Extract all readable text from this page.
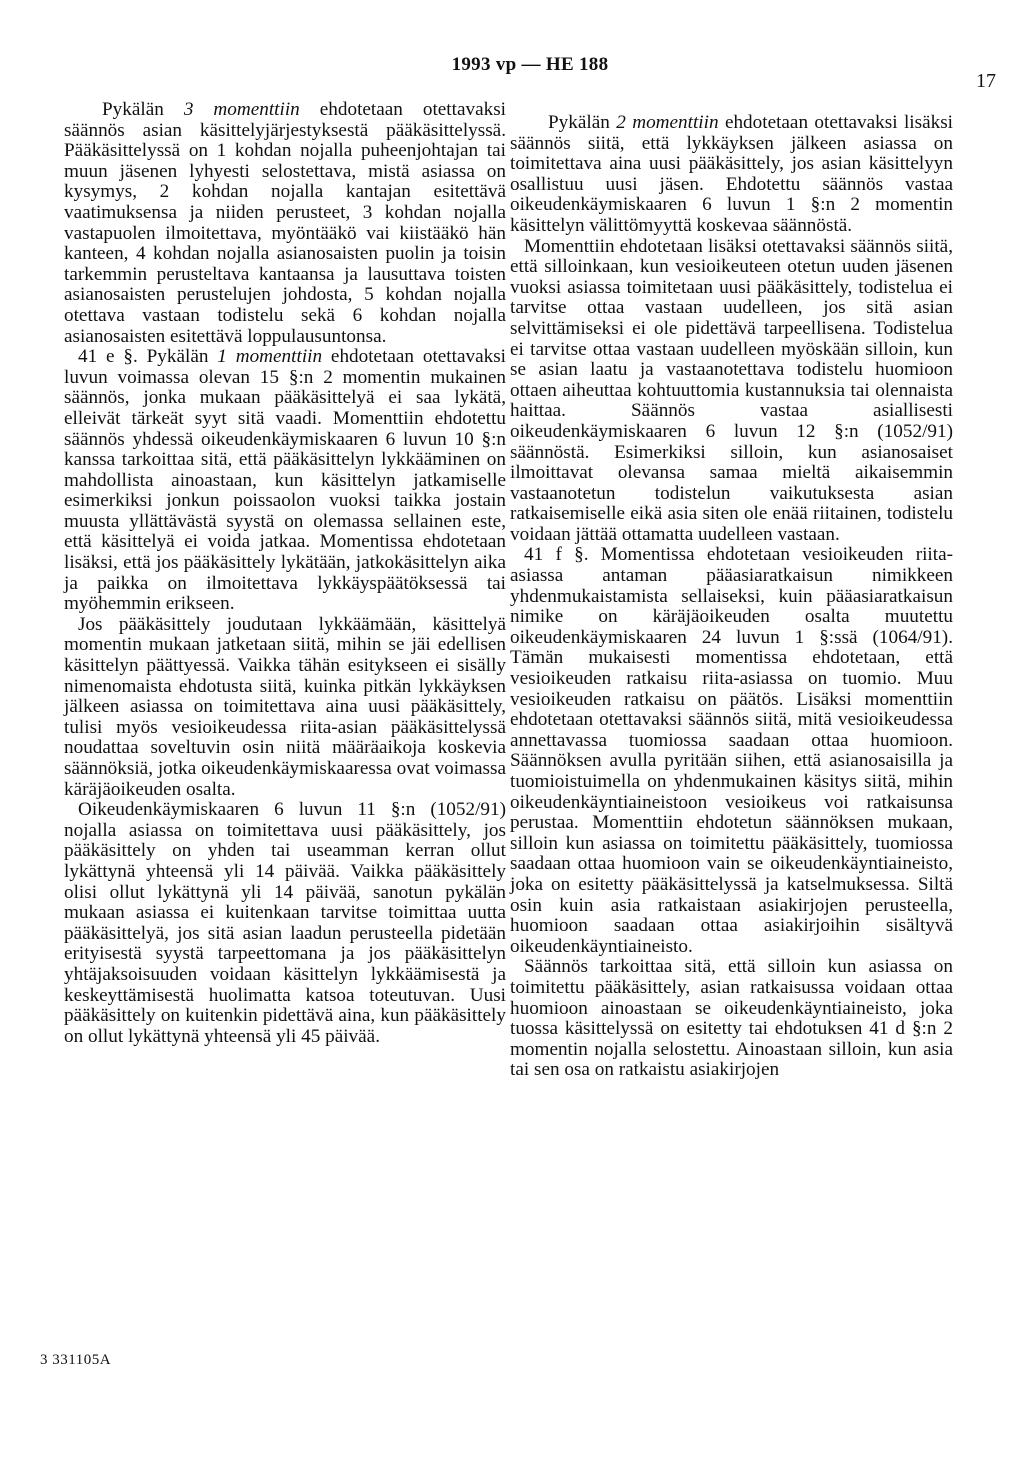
1993 vp — HE 188
17

Pykälän 3 momenttiin ehdotetaan otettavaksi säännös asian käsittelyjärjestyksestä pääkäsittelyssä. Pääkäsittelyssä on 1 kohdan nojalla puheenjohtajan tai muun jäsenen lyhyesti selostettava, mistä asiassa on kysymys, 2 kohdan nojalla kantajan esitettävä vaatimuksensa ja niiden perusteet, 3 kohdan nojalla vastapuolen ilmoitettava, myöntääkö vai kiistääkö hän kanteen, 4 kohdan nojalla asianosaisten puolin ja toisin tarkemmin perusteltava kantaansa ja lausuttava toisten asianosaisten perustelujen johdosta, 5 kohdan nojalla otettava vastaan todistelu sekä 6 kohdan nojalla asianosaisten esitettävä loppulausuntonsa.

41 e §. Pykälän 1 momenttiin ehdotetaan otettavaksi luvun voimassa olevan 15 §:n 2 momentin mukainen säännös, jonka mukaan pääkäsittelyä ei saa lykätä, elleivät tärkeät syyt sitä vaadi. Momenttiin ehdotettu säännös yhdessä oikeudenkäymiskaaren 6 luvun 10 §:n kanssa tarkoittaa sitä, että pääkäsittelyn lykkääminen on mahdollista ainoastaan, kun käsittelyn jatkamiselle esimerkiksi jonkun poissaolon vuoksi taikka jostain muusta yllättävästä syystä on olemassa sellainen este, että käsittelyä ei voida jatkaa. Momentissa ehdotetaan lisäksi, että jos pääkäsittely lykätään, jatkokäsittelyn aika ja paikka on ilmoitettava lykkäyspäätöksessä tai myöhemmin erikseen.

Jos pääkäsittely joudutaan lykkäämään, käsittelyä momentin mukaan jatketaan siitä, mihin se jäi edellisen käsittelyn päättyessä. Vaikka tähän esitykseen ei sisälly nimenomaista ehdotusta siitä, kuinka pitkän lykkäyksen jälkeen asiassa on toimitettava aina uusi pääkäsittely, tulisi myös vesioikeudessa riita-asian pääkäsittelyssä noudattaa soveltuvin osin niitä määräaikoja koskevia säännöksiä, jotka oikeudenkäymiskaaressa ovat voimassa käräjäoikeuden osalta.

Oikeudenkäymiskaaren 6 luvun 11 §:n (1052/91) nojalla asiassa on toimitettava uusi pääkäsittely, jos pääkäsittely on yhden tai useamman kerran ollut lykättynä yhteensä yli 14 päivää. Vaikka pääkäsittely olisi ollut lykättynä yli 14 päivää, sanotun pykälän mukaan asiassa ei kuitenkaan tarvitse toimittaa uutta pääkäsittelyä, jos sitä asian laadun perusteella pidetään erityisestä syystä tarpeettomana ja jos pääkäsittelyn yhtäjaksoisuuden voidaan käsittelyn lykkäämisestä ja keskeyttämisestä huolimatta katsoa toteutuvan. Uusi pääkäsittely on kuitenkin pidettävä aina, kun pääkäsittely on ollut lykättynä yhteensä yli 45 päivää.

Pykälän 2 momenttiin ehdotetaan otettavaksi lisäksi säännös siitä, että lykkäyksen jälkeen asiassa on toimitettava aina uusi pääkäsittely, jos asian käsittelyyn osallistuu uusi jäsen. Ehdotettu säännös vastaa oikeudenkäymiskaaren 6 luvun 1 §:n 2 momentin käsittelyn välittömyyttä koskevaa säännöstä.

Momenttiin ehdotetaan lisäksi otettavaksi säännös siitä, että silloinkaan, kun vesioikeuteen otetun uuden jäsenen vuoksi asiassa toimitetaan uusi pääkäsittely, todistelua ei tarvitse ottaa vastaan uudelleen, jos sitä asian selvittämiseksi ei ole pidettävä tarpeellisena. Todistelua ei tarvitse ottaa vastaan uudelleen myöskään silloin, kun se asian laatu ja vastaanotettava todistelu huomioon ottaen aiheuttaa kohtuuttomia kustannuksia tai olennaista haittaa. Säännös vastaa asiallisesti oikeudenkäymiskaaren 6 luvun 12 §:n (1052/91) säännöstä. Esimerkiksi silloin, kun asianosaiset ilmoittavat olevansa samaa mieltä aikaisemmin vastaanotetun todistelun vaikutuksesta asian ratkaisemiselle eikä asia siten ole enää riitainen, todistelu voidaan jättää ottamatta uudelleen vastaan.

41 f §. Momentissa ehdotetaan vesioikeuden riita-asiassa antaman pääasiaratkaisun nimikkeen yhdenmukaistamista sellaiseksi, kuin pääasiaratkaisun nimike on käräjäoikeuden osalta muutettu oikeudenkäymiskaaren 24 luvun 1 §:ssä (1064/91). Tämän mukaisesti momentissa ehdotetaan, että vesioikeuden ratkaisu riita-asiassa on tuomio. Muu vesioikeuden ratkaisu on päätös. Lisäksi momenttiin ehdotetaan otettavaksi säännös siitä, mitä vesioikeudessa annettavassa tuomiossa saadaan ottaa huomioon. Säännöksen avulla pyritään siihen, että asianosaisilla ja tuomioistuimella on yhdenmukainen käsitys siitä, mihin oikeudenkäyntiaineistoon vesioikeus voi ratkaisunsa perustaa. Momenttiin ehdotetun säännöksen mukaan, silloin kun asiassa on toimitettu pääkäsittely, tuomiossa saadaan ottaa huomioon vain se oikeudenkäyntiaineisto, joka on esitetty pääkäsittelyssä ja katselmuksessa. Siltä osin kuin asia ratkaistaan asiakirjojen perusteella, huomioon saadaan ottaa asiakirjoihin sisältyvä oikeudenkäyntiaineisto.

Säännös tarkoittaa sitä, että silloin kun asiassa on toimitettu pääkäsittely, asian ratkaisussa voidaan ottaa huomioon ainoastaan se oikeudenkäyntiaineisto, joka tuossa käsittelyssä on esitetty tai ehdotuksen 41 d §:n 2 momentin nojalla selostettu. Ainoastaan silloin, kun asia tai sen osa on ratkaistu asiakirjojen

3 331105A
